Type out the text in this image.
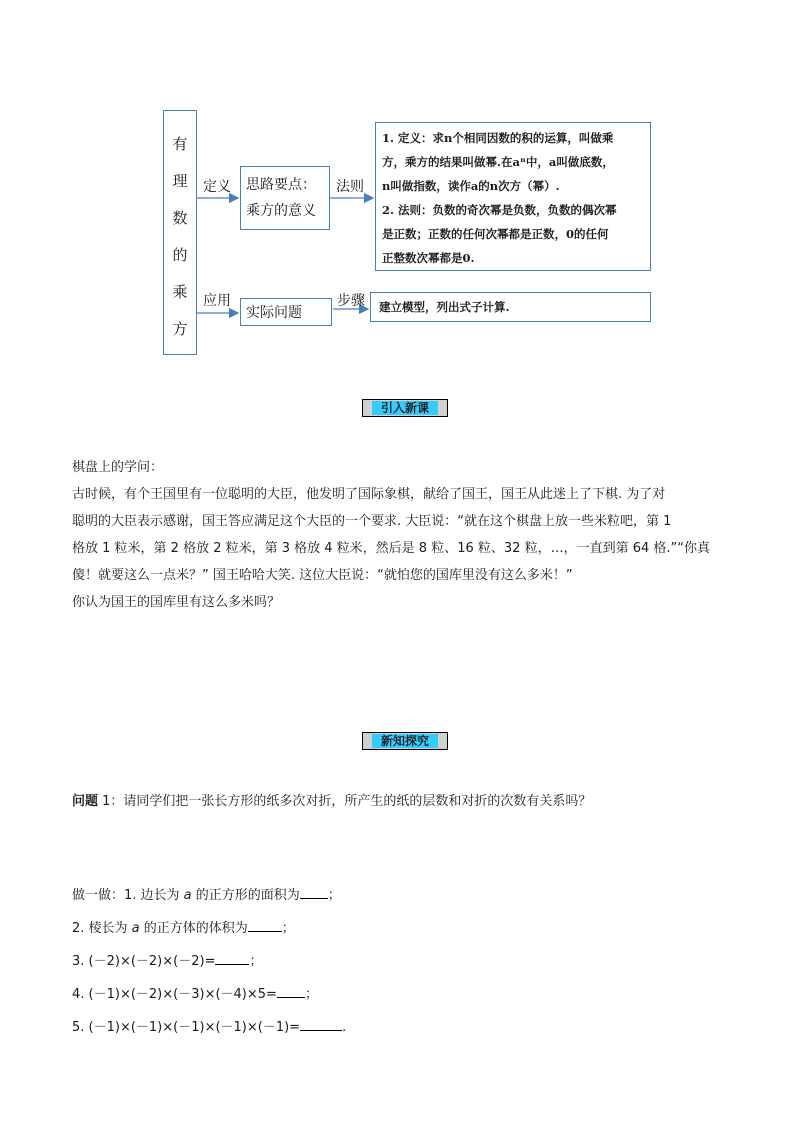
有
理
数
的
乘
方
定义
应用
法则
步骤
思路要点：
乘方的意义
实际问题
1. 定义：求n个相同因数的积的运算，叫做乘
方，乘方的结果叫做幂.在aⁿ中，a叫做底数，
n叫做指数，读作a的n次方（幂）.
2. 法则：负数的奇次幂是负数，负数的偶次幂
是正数；正数的任何次幂都是正数，0的任何
正整数次幂都是0.
建立模型，列出式子计算.
引入新课
棋盘上的学问：
古时候，有个王国里有一位聪明的大臣，他发明了国际象棋，献给了国王，国王从此迷上了下棋. 为了对
聪明的大臣表示感谢，国王答应满足这个大臣的一个要求. 大臣说：“就在这个棋盘上放一些米粒吧，第 1
格放 1 粒米，第 2 格放 2 粒米，第 3 格放 4 粒米，然后是 8 粒、16 粒、32 粒，…，一直到第 64 格.”“你真
傻！就要这么一点米？” 国王哈哈大笑. 这位大臣说：“就怕您的国库里没有这么多米！”
你认为国王的国库里有这么多米吗？
新知探究
问题 1：请同学们把一张长方形的纸多次对折，所产生的纸的层数和对折的次数有关系吗？
做一做：1. 边长为 a 的正方形的面积为 ；
2. 棱长为 a 的正方体的体积为	；
3. (－2)×(－2)×(－2)=	；
4. (－1)×(－2)×(－3)×(－4)×5= ；
5. (－1)×(－1)×(－1)×(－1)×(－1)=	.
